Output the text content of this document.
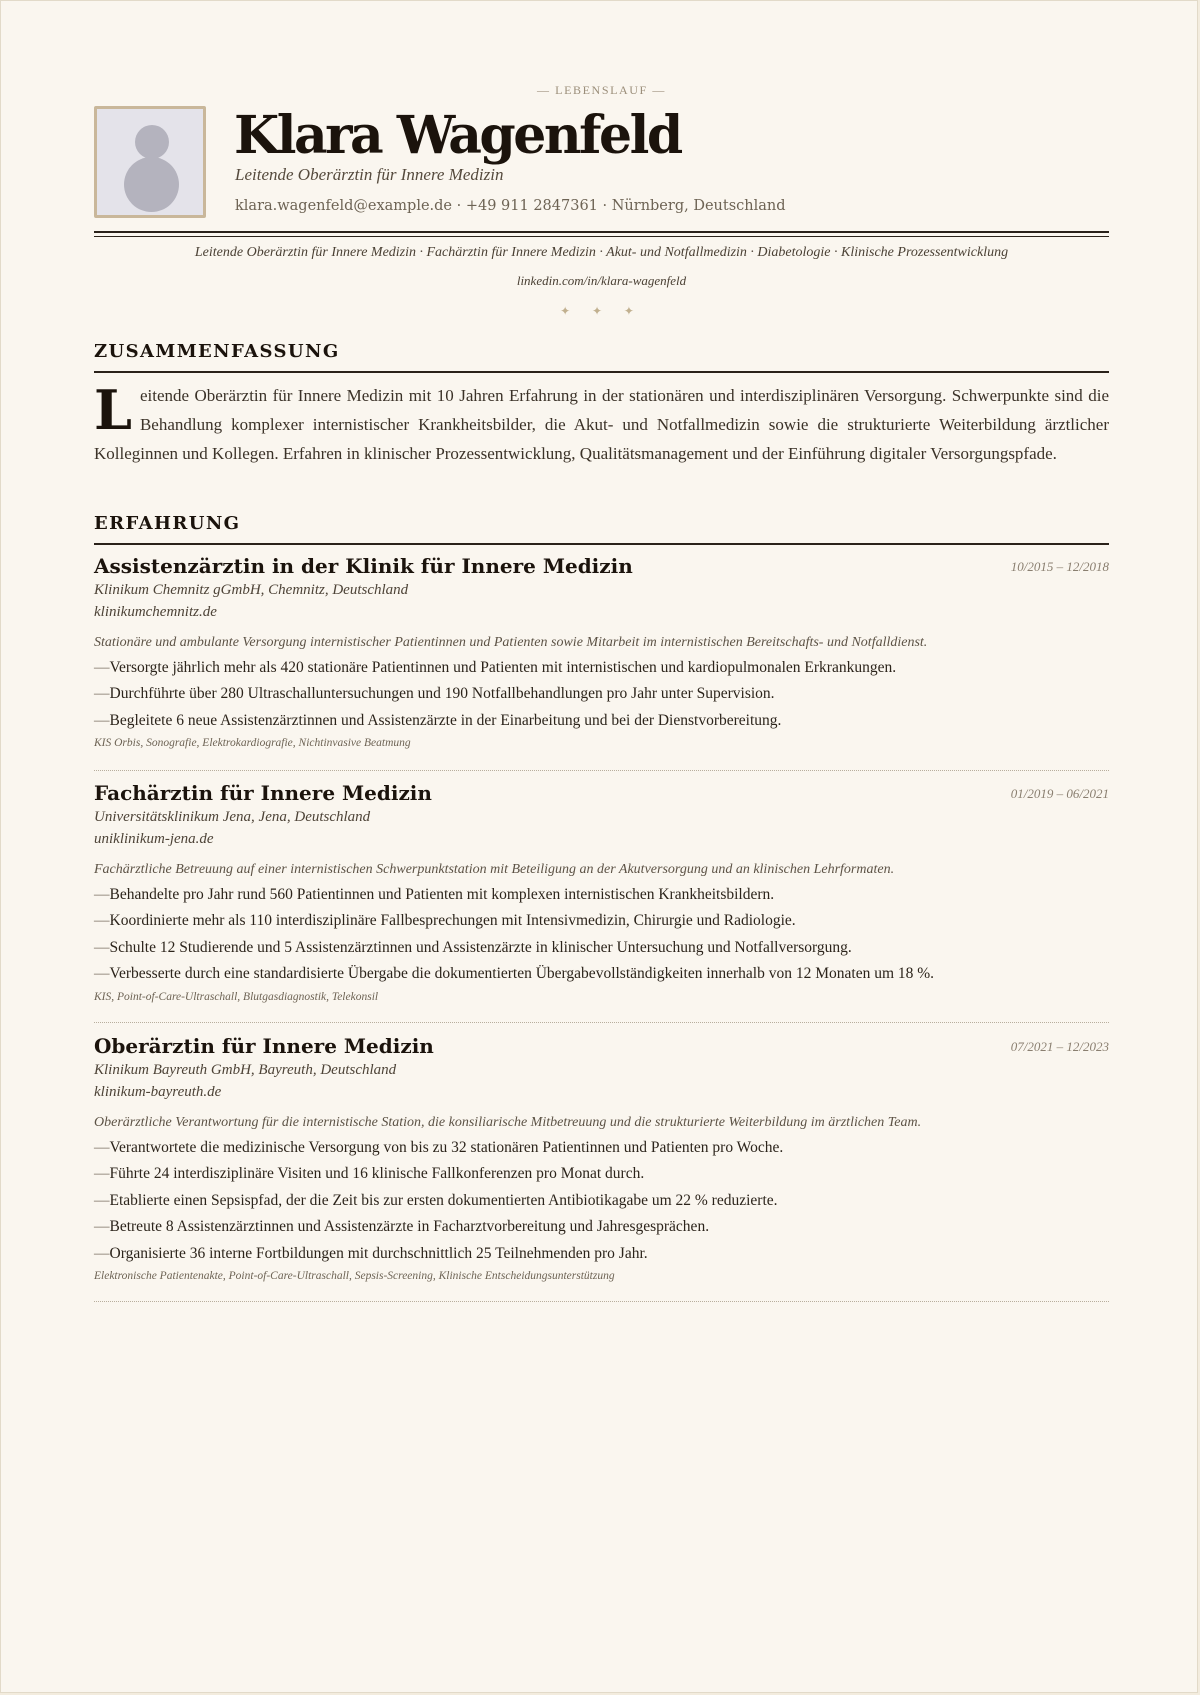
— LEBENSLAUF —
Klara Wagenfeld
Leitende Oberärztin für Innere Medizin
klara.wagenfeld@example.de · +49 911 2847361 · Nürnberg, Deutschland
Leitende Oberärztin für Innere Medizin · Fachärztin für Innere Medizin · Akut- und Notfallmedizin · Diabetologie · Klinische Prozessentwicklung
linkedin.com/in/klara-wagenfeld
✦ ✦ ✦
ZUSAMMENFASSUNG
L eitende Oberärztin für Innere Medizin mit 10 Jahren Erfahrung in der stationären und interdisziplinären Versorgung. Schwerpunkte sind die Behandlung komplexer internistischer Krankheitsbilder, die Akut- und Notfallmedizin sowie die strukturierte Weiterbildung ärztlicher Kolleginnen und Kollegen. Erfahren in klinischer Prozessentwicklung, Qualitätsmanagement und der Einführung digitaler Versorgungspfade.
ERFAHRUNG
Assistenzärztin in der Klinik für Innere Medizin	10/2015 – 12/2018
Klinikum Chemnitz gGmbH, Chemnitz, Deutschland
klinikumchemnitz.de
Stationäre und ambulante Versorgung internistischer Patientinnen und Patienten sowie Mitarbeit im internistischen Bereitschafts- und Notfalldienst.
—Versorgte jährlich mehr als 420 stationäre Patientinnen und Patienten mit internistischen und kardiopulmonalen Erkrankungen.
—Durchführte über 280 Ultraschalluntersuchungen und 190 Notfallbehandlungen pro Jahr unter Supervision.
—Begleitete 6 neue Assistenzärztinnen und Assistenzärzte in der Einarbeitung und bei der Dienstvorbereitung.
KIS Orbis, Sonografie, Elektrokardiografie, Nichtinvasive Beatmung
Fachärztin für Innere Medizin	01/2019 – 06/2021
Universitätsklinikum Jena, Jena, Deutschland
uniklinikum-jena.de
Fachärztliche Betreuung auf einer internistischen Schwerpunktstation mit Beteiligung an der Akutversorgung und an klinischen Lehrformaten.
—Behandelte pro Jahr rund 560 Patientinnen und Patienten mit komplexen internistischen Krankheitsbildern.
—Koordinierte mehr als 110 interdisziplinäre Fallbesprechungen mit Intensivmedizin, Chirurgie und Radiologie.
—Schulte 12 Studierende und 5 Assistenzärztinnen und Assistenzärzte in klinischer Untersuchung und Notfallversorgung.
—Verbesserte durch eine standardisierte Übergabe die dokumentierten Übergabevollständigkeiten innerhalb von 12 Monaten um 18 %.
KIS, Point-of-Care-Ultraschall, Blutgasdiagnostik, Telekonsil
Oberärztin für Innere Medizin	07/2021 – 12/2023
Klinikum Bayreuth GmbH, Bayreuth, Deutschland
klinikum-bayreuth.de
Oberärztliche Verantwortung für die internistische Station, die konsiliarische Mitbetreuung und die strukturierte Weiterbildung im ärztlichen Team.
—Verantwortete die medizinische Versorgung von bis zu 32 stationären Patientinnen und Patienten pro Woche.
—Führte 24 interdisziplinäre Visiten und 16 klinische Fallkonferenzen pro Monat durch.
—Etablierte einen Sepsispfad, der die Zeit bis zur ersten dokumentierten Antibiotikagabe um 22 % reduzierte.
—Betreute 8 Assistenzärztinnen und Assistenzärzte in Facharztvorbereitung und Jahresgesprächen.
—Organisierte 36 interne Fortbildungen mit durchschnittlich 25 Teilnehmenden pro Jahr.
Elektronische Patientenakte, Point-of-Care-Ultraschall, Sepsis-Screening, Klinische Entscheidungsunterstützung
